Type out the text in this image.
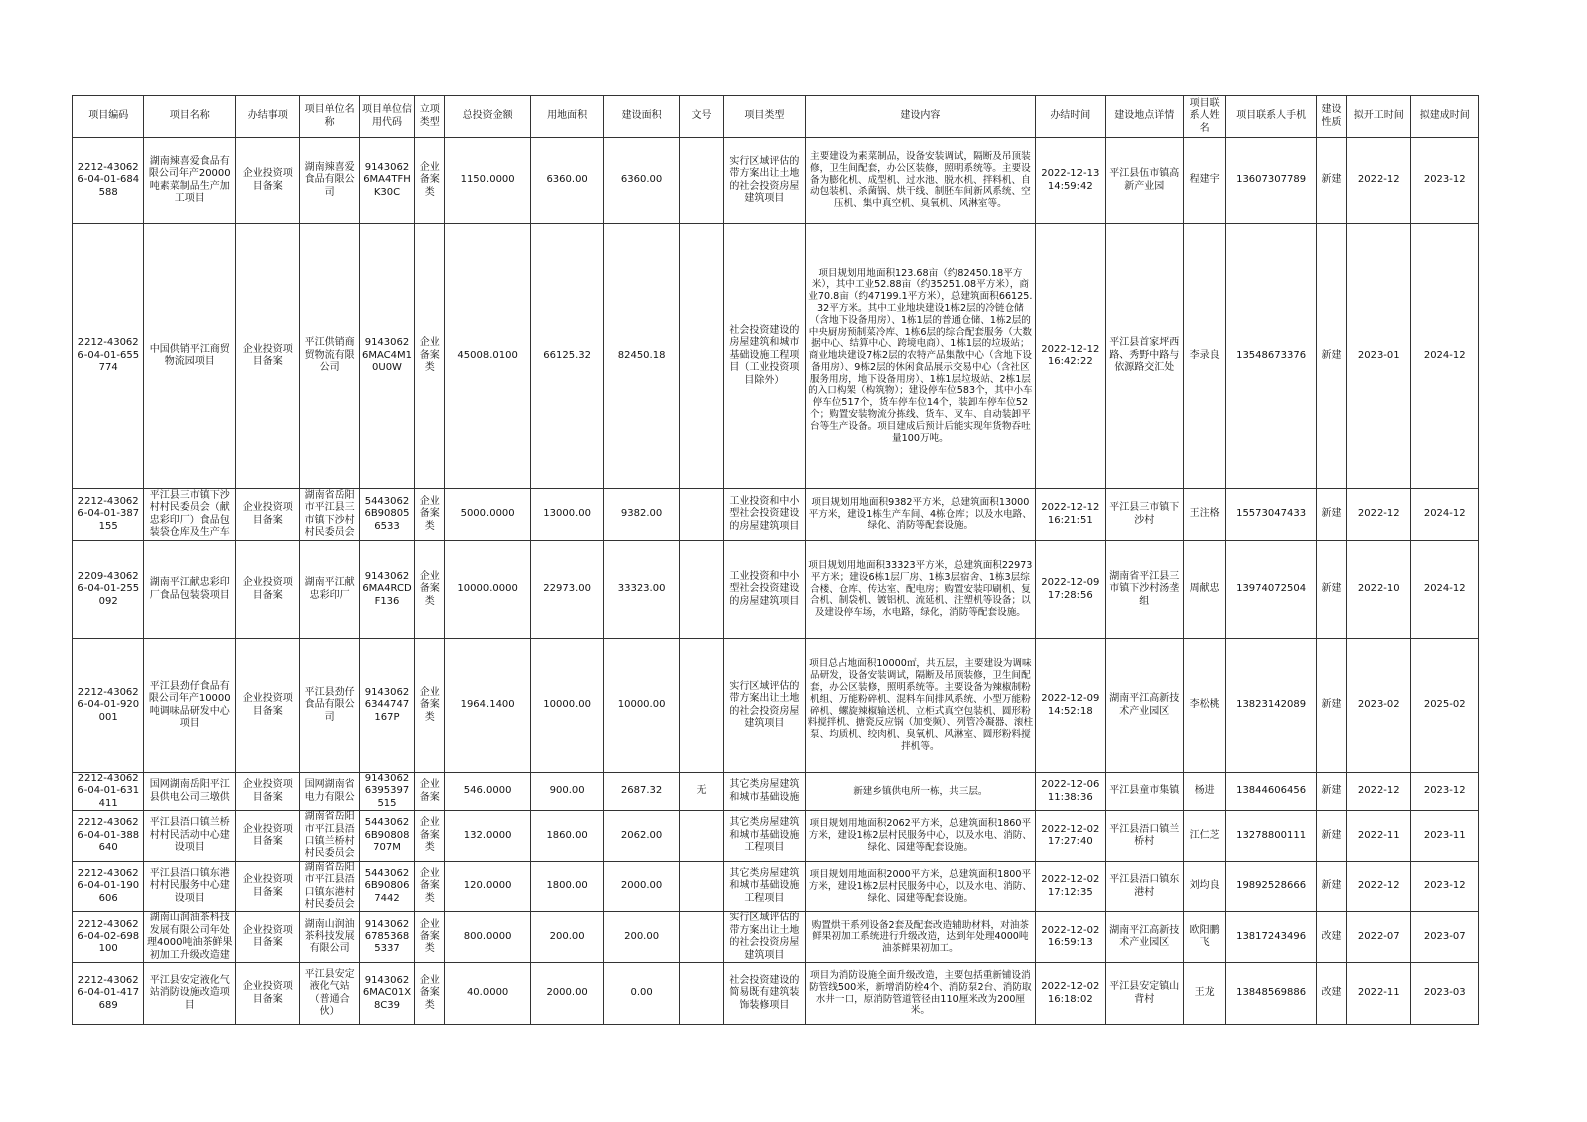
项目编码	项目名称	办结事项	项目单位名称	项目单位信用代码	立项类型	总投资金额	用地面积	建设面积	文号	项目类型	建设内容	办结时间	建设地点详情	项目联系人姓名	项目联系人手机	建设性质	拟开工时间	拟建成时间
2212-430626-04-01-684588	湖南辣喜爱食品有限公司年产20000吨素菜制品生产加工项目	企业投资项目备案	湖南辣喜爱食品有限公司	91430626MA4TFHK30C	企业备案类	1150.0000	6360.00	6360.00		实行区域评估的带方案出让土地的社会投资房屋建筑项目	主要建设为素菜制品，设备安装调试，隔断及吊顶装修，卫生间配套，办公区装修，照明系统等。主要设备为膨化机、成型机、过水池、脱水机、拌料机、自动包装机、杀菌锅、烘干线、制胚车间新风系统、空压机、集中真空机、臭氧机、风淋室等。	2022-12-13 14:59:42	平江县伍市镇高新产业园	程建宇	13607307789	新建	2022-12	2023-12
2212-430626-04-01-655774	中国供销平江商贸物流园项目	企业投资项目备案	平江供销商贸物流有限公司	91430626MAC4M10U0W	企业备案类	45008.0100	66125.32	82450.18		社会投资建设的房屋建筑和城市基础设施工程项目（工业投资项目除外）	项目规划用地面积123.68亩（约82450.18平方米），其中工业52.88亩（约35251.08平方米），商业70.8亩（约47199.1平方米），总建筑面积66125.32平方米。其中工业地块建设1栋2层的冷链仓储（含地下设备用房）、1栋1层的普通仓储、1栋2层的中央厨房预制菜冷库、1栋6层的综合配套服务（大数据中心、结算中心、跨境电商）、1栋1层的垃圾站；商业地块建设7栋2层的农特产品集散中心（含地下设备用房）、9栋2层的休闲食品展示交易中心（含社区服务用房，地下设备用房）、1栋1层垃圾站、2栋1层的入口构架（构筑物）；建设停车位583个，其中小车停车位517个，货车停车位14个，装卸车停车位52个；购置安装物流分拣线、货车、叉车、自动装卸平台等生产设备。项目建成后预计后能实现年货物吞吐量100万吨。	2022-12-12 16:42:22	平江县首家坪西路、秀野中路与依源路交汇处	李录良	13548673376	新建	2023-01	2024-12
2212-430626-04-01-387155	平江县三市镇下沙村村民委员会（献忠彩印厂）食品包装袋仓库及生产车	企业投资项目备案	湖南省岳阳市平江县三市镇下沙村村民委员会	54430626B908056533	企业备案类	5000.0000	13000.00	9382.00		工业投资和中小型社会投资建设的房屋建筑项目	项目规划用地面积9382平方米，总建筑面积13000平方米，建设1栋生产车间、4栋仓库；以及水电路、绿化、消防等配套设施。	2022-12-12 16:21:51	平江县三市镇下沙村	王注格	15573047433	新建	2022-12	2024-12
2209-430626-04-01-255092	湖南平江献忠彩印厂食品包装袋项目	企业投资项目备案	湖南平江献忠彩印厂	91430626MA4RCDF136	企业备案类	10000.0000	22973.00	33323.00		工业投资和中小型社会投资建设的房屋建筑项目	项目规划用地面积33323平方米，总建筑面积22973平方米；建设6栋1层厂房、1栋3层宿舍、1栋3层综合楼、仓库、传达室、配电房；购置安装印刷机、复合机、制袋机、镀铝机、流延机、注塑机等设备；以及建设停车场，水电路，绿化，消防等配套设施。	2022-12-09 17:28:56	湖南省平江县三市镇下沙村汤垄组	周献忠	13974072504	新建	2022-10	2024-12
2212-430626-04-01-920001	平江县劲仔食品有限公司年产10000吨调味品研发中心项目	企业投资项目备案	平江县劲仔食品有限公司	91430626344747167P	企业备案类	1964.1400	10000.00	10000.00		实行区域评估的带方案出让土地的社会投资房屋建筑项目	项目总占地面积10000㎡，共五层，主要建设为调味品研发，设备安装调试，隔断及吊顶装修，卫生间配套，办公区装修，照明系统等。主要设备为辣椒制粉机组、万能粉碎机、混料车间排风系统、小型万能粉碎机、螺旋辣椒输送机、立柜式真空包装机、圆形粉料搅拌机、搪瓷反应锅（加变频）、列管冷凝器、滚柱泵、均质机、绞肉机、臭氧机、风淋室、圆形粉料搅拌机等。	2022-12-09 14:52:18	湖南平江高新技术产业园区	李松桃	13823142089	新建	2023-02	2025-02
2212-430626-04-01-631411	国网湖南岳阳平江县供电公司三墩供	企业投资项目备案	国网湖南省电力有限公	91430626395397515	企业备案	546.0000	900.00	2687.32	无	其它类房屋建筑和城市基础设施	新建乡镇供电所一栋，共三层。	2022-12-06 11:38:36	平江县童市集镇	杨进	13844606456	新建	2022-12	2023-12
2212-430626-04-01-388640	平江县浯口镇兰桥村村民活动中心建设项目	企业投资项目备案	湖南省岳阳市平江县浯口镇兰桥村村民委员会	54430626B90808707M	企业备案类	132.0000	1860.00	2062.00		其它类房屋建筑和城市基础设施工程项目	项目规划用地面积2062平方米，总建筑面积1860平方米，建设1栋2层村民服务中心，以及水电、消防、绿化、园建等配套设施。	2022-12-02 17:27:40	平江县浯口镇兰桥村	江仁芝	13278800111	新建	2022-11	2023-11
2212-430626-04-01-190606	平江县浯口镇东港村村民服务中心建设项目	企业投资项目备案	湖南省岳阳市平江县浯口镇东港村村民委员会	54430626B908067442	企业备案类	120.0000	1800.00	2000.00		其它类房屋建筑和城市基础设施工程项目	项目规划用地面积2000平方米，总建筑面积1800平方米，建设1栋2层村民服务中心，以及水电、消防、绿化、园建等配套设施。	2022-12-02 17:12:35	平江县浯口镇东港村	刘均良	19892528666	新建	2022-12	2023-12
2212-430626-04-02-698100	湖南山润油茶科技发展有限公司年处理4000吨油茶鲜果初加工升级改造建	企业投资项目备案	湖南山润油茶科技发展有限公司	914306267853685337	企业备案类	800.0000	200.00	200.00		实行区域评估的带方案出让土地的社会投资房屋建筑项目	购置烘干系列设备2套及配套改造辅助材料，对油茶鲜果初加工系统进行升级改造，达到年处理4000吨油茶鲜果初加工。	2022-12-02 16:59:13	湖南平江高新技术产业园区	欧阳鹏飞	13817243496	改建	2022-07	2023-07
2212-430626-04-01-417689	平江县安定液化气站消防设施改造项目	企业投资项目备案	平江县安定液化气站（普通合伙）	91430626MAC01X8C39	企业备案类	40.0000	2000.00	0.00		社会投资建设的简易既有建筑装饰装修项目	项目为消防设施全面升级改造，主要包括重新铺设消防管线500米，新增消防栓4个、消防泵2台、消防取水井一口，原消防管道管径由110厘米改为200厘米。	2022-12-02 16:18:02	平江县安定镇山背村	王龙	13848569886	改建	2022-11	2023-03
